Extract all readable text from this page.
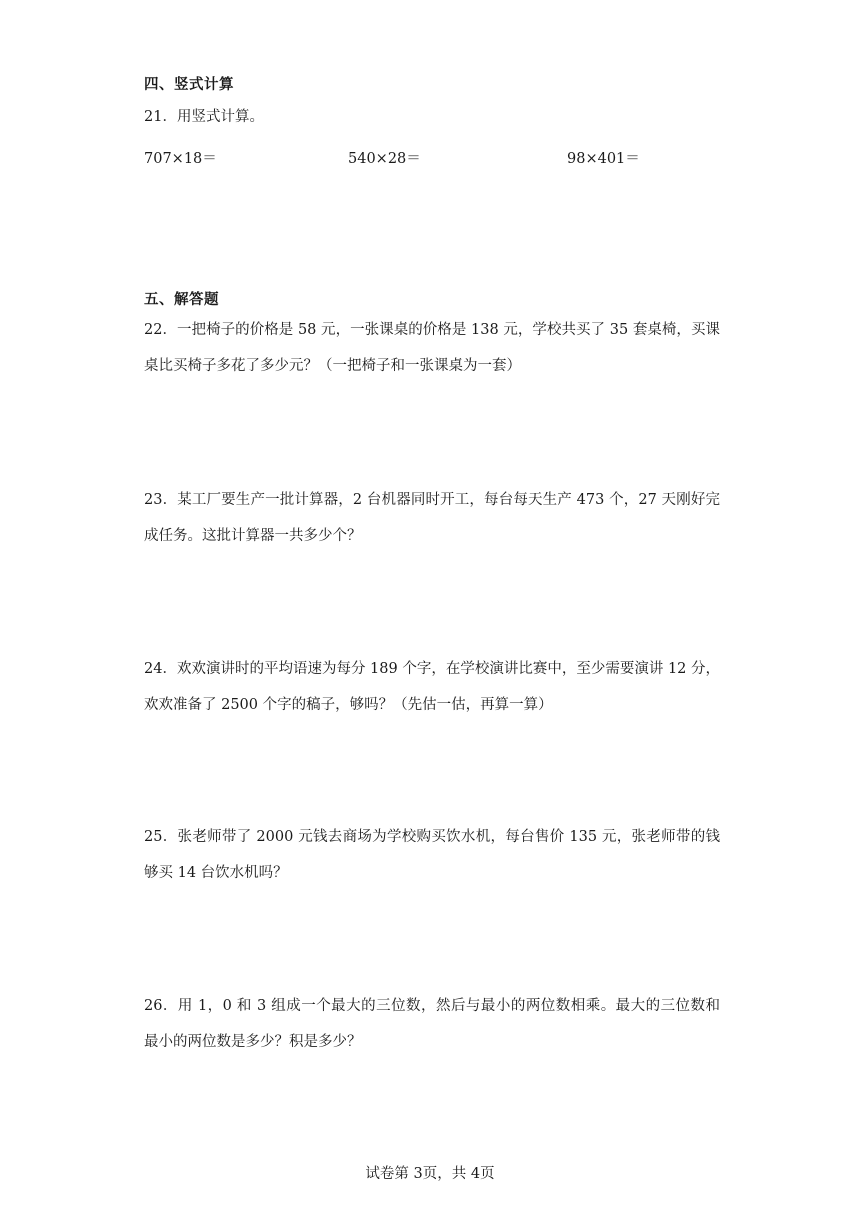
四、竖式计算
21．用竖式计算。
707×18＝	540×28＝	98×401＝
五、解答题
22．一把椅子的价格是 58 元，一张课桌的价格是 138 元，学校共买了 35 套桌椅，买课
桌比买椅子多花了多少元？（一把椅子和一张课桌为一套）
23．某工厂要生产一批计算器，2 台机器同时开工，每台每天生产 473 个，27 天刚好完
成任务。这批计算器一共多少个？
24．欢欢演讲时的平均语速为每分 189 个字，在学校演讲比赛中，至少需要演讲 12 分，
欢欢准备了 2500 个字的稿子，够吗？（先估一估，再算一算）
25．张老师带了 2000 元钱去商场为学校购买饮水机，每台售价 135 元，张老师带的钱
够买 14 台饮水机吗？
26．用 1，0 和 3 组成一个最大的三位数，然后与最小的两位数相乘。最大的三位数和
最小的两位数是多少？积是多少？
试卷第 3页，共 4页
